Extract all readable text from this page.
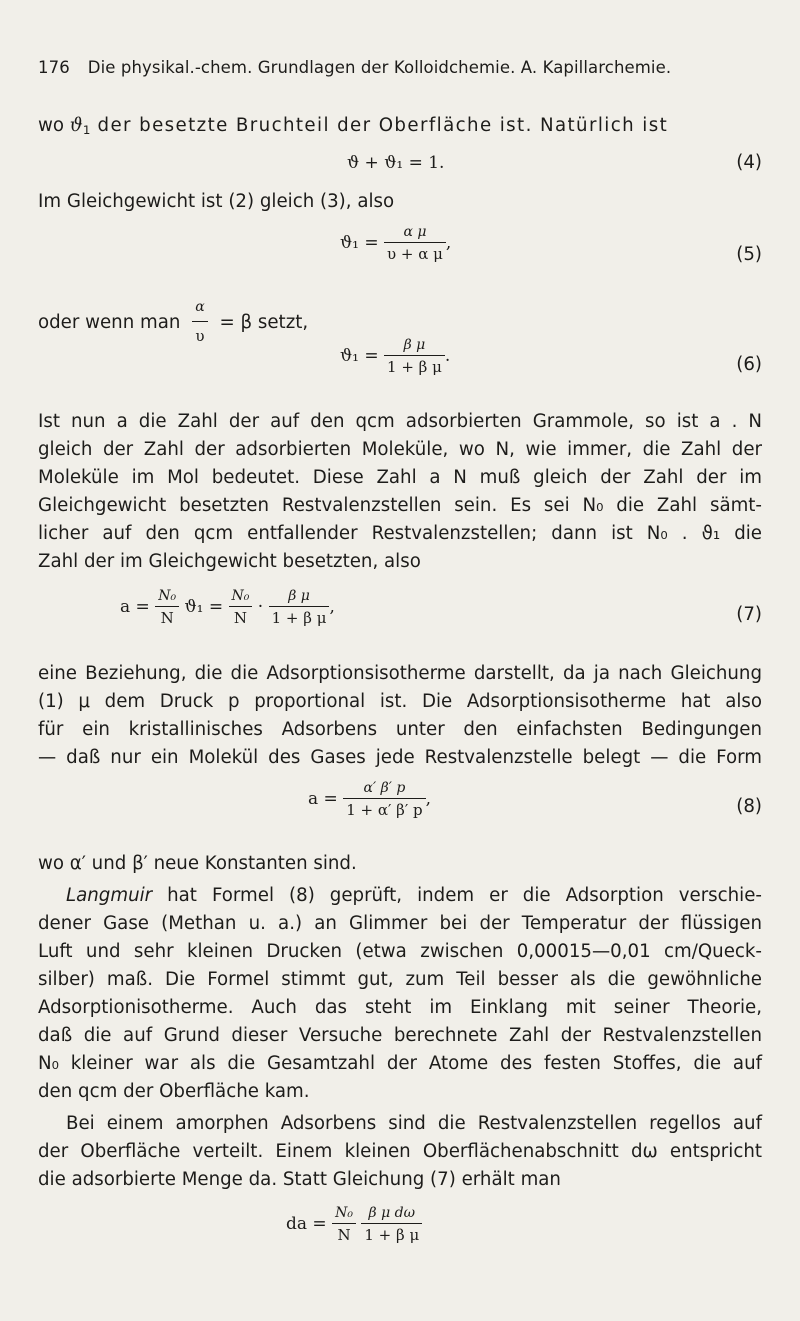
176 Die physikal.-chem. Grundlagen der Kolloidchemie. A. Kapillarchemie.
wo $ϑ_1$ der besetzte Bruchteil der Oberfläche ist. Natürlich ist
ϑ + ϑ₁ = 1.	(4)
Im Gleichgewicht ist (2) gleich (3), also
$ϑ_1 = \frac{\text{α μ}}{\text{υ + α μ}}$ ,
(5)
oder wenn man $\frac{\alpha}{\upsilon} = \beta$ setzt,
$ϑ_1 = \frac{\text{β μ}}{\text{1 + β μ}}$ .	(6)
Ist nun a die Zahl der auf den qcm adsorbierten Grammole, so ist a . N
gleich der Zahl der adsorbierten Moleküle, wo N, wie immer, die Zahl der
Moleküle im Mol bedeutet. Diese Zahl a N muß gleich der Zahl der im
Gleichgewicht besetzten Restvalenzstellen sein. Es sei N₀ die Zahl sämt-
licher auf den qcm entfallender Restvalenzstellen; dann ist N₀ . ϑ₁ die
Zahl der im Gleichgewicht besetzten, also
$a = \frac{\text{N₀}}{N} ϑ_1 = \frac{\text{N₀}}{N} \cdot \frac{\text{β μ}}{\text{1 + β μ}}$ ,	(7)
eine Beziehung, die die Adsorptionsisotherme darstellt, da ja nach Gleichung
(1) μ dem Druck p proportional ist. Die Adsorptionsisotherme hat also
für ein kristallinisches Adsorbens unter den einfachsten Bedingungen
— daß nur ein Molekül des Gases jede Restvalenzstelle belegt — die Form
$a = \frac{\alpha' \beta' p}{1 + \alpha' \beta' p}$ ,	(8)
wo α′ und β′ neue Konstanten sind.
Langmuir hat Formel (8) geprüft, indem er die Adsorption verschie-
dener Gase (Methan u. a.) an Glimmer bei der Temperatur der flüssigen
Luft und sehr kleinen Drucken (etwa zwischen 0,00015—0,01 cm/Queck-
silber) maß. Die Formel stimmt gut, zum Teil besser als die gewöhnliche
Adsorptionisotherme. Auch das steht im Einklang mit seiner Theorie,
daß die auf Grund dieser Versuche berechnete Zahl der Restvalenzstellen
N₀ kleiner war als die Gesamtzahl der Atome des festen Stoffes, die auf
den qcm der Oberfläche kam.
Bei einem amorphen Adsorbens sind die Restvalenzstellen regellos auf
der Oberfläche verteilt. Einem kleinen Oberflächenabschnitt dω entspricht
die adsorbierte Menge da. Statt Gleichung (7) erhält man
da = $\frac{\text{N₀}}{N}$
$\frac{\text{β μ dω}}{\text{1 + β μ}}$
